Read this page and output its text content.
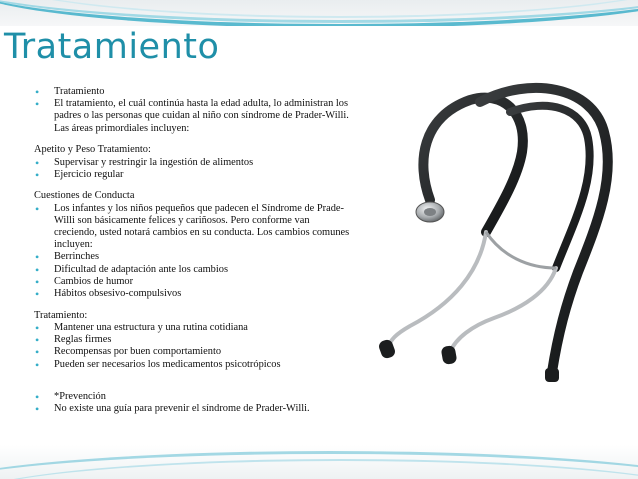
Tratamiento
• Tratamiento
• El tratamiento, el cuál continúa hasta la edad adulta, lo administran los padres o las personas que cuidan al niño con síndrome de Prader-Willi. Las áreas primordiales incluyen:
Apetito y Peso Tratamiento:
• Supervisar y restringir la ingestión de alimentos
• Ejercicio regular
Cuestiones de Conducta
• Los infantes y los niños pequeños que padecen el Síndrome de Prade-Willi son básicamente felices y cariñosos. Pero conforme van creciendo, usted notará cambios en su conducta. Los cambios comunes incluyen:
• Berrinches
• Dificultad de adaptación ante los cambios
• Cambios de humor
• Hábitos obsesivo-compulsivos
Tratamiento:
• Mantener una estructura y una rutina cotidiana
• Reglas firmes
• Recompensas por buen comportamiento
• Pueden ser necesarios los medicamentos psicotrópicos
• *Prevención
• No existe una guía para prevenir el síndrome de Prader-Willi.
